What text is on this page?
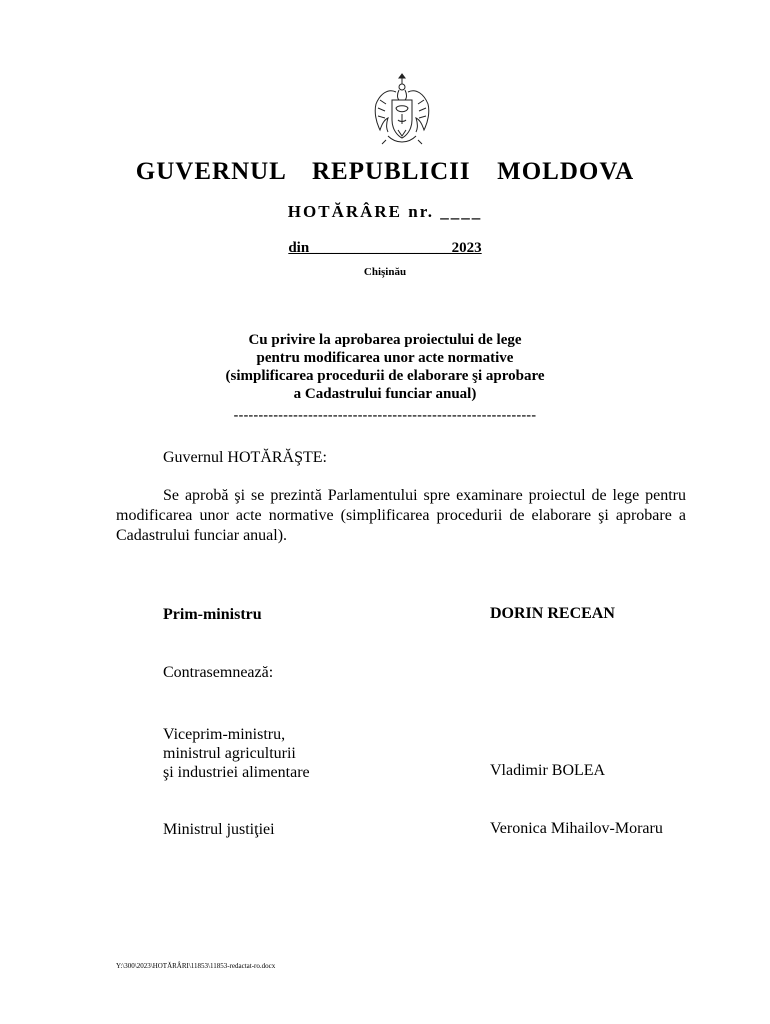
GUVERNUL  REPUBLICII  MOLDOVA
HOTĂRÂRE nr. ____
din___________________2023
Chişinău
Cu privire la aprobarea proiectului de lege
pentru modificarea unor acte normative
(simplificarea procedurii de elaborare şi aprobare
a Cadastrului funciar anual)
-------------------------------------------------------------
Guvernul HOTĂRĂŞTE:
Se aprobă şi se prezintă Parlamentului spre examinare proiectul de lege pentru modificarea unor acte normative (simplificarea procedurii de elaborare şi aprobare a Cadastrului funciar anual).
Prim-ministru	DORIN RECEAN
Contrasemnează:
Viceprim-ministru,
ministrul agriculturii
şi industriei alimentare	Vladimir BOLEA
Ministrul justiţiei	Veronica Mihailov-Moraru
Y:\300\2023\HOTĂRÂRI\11853\11853-redactat-ro.docx
